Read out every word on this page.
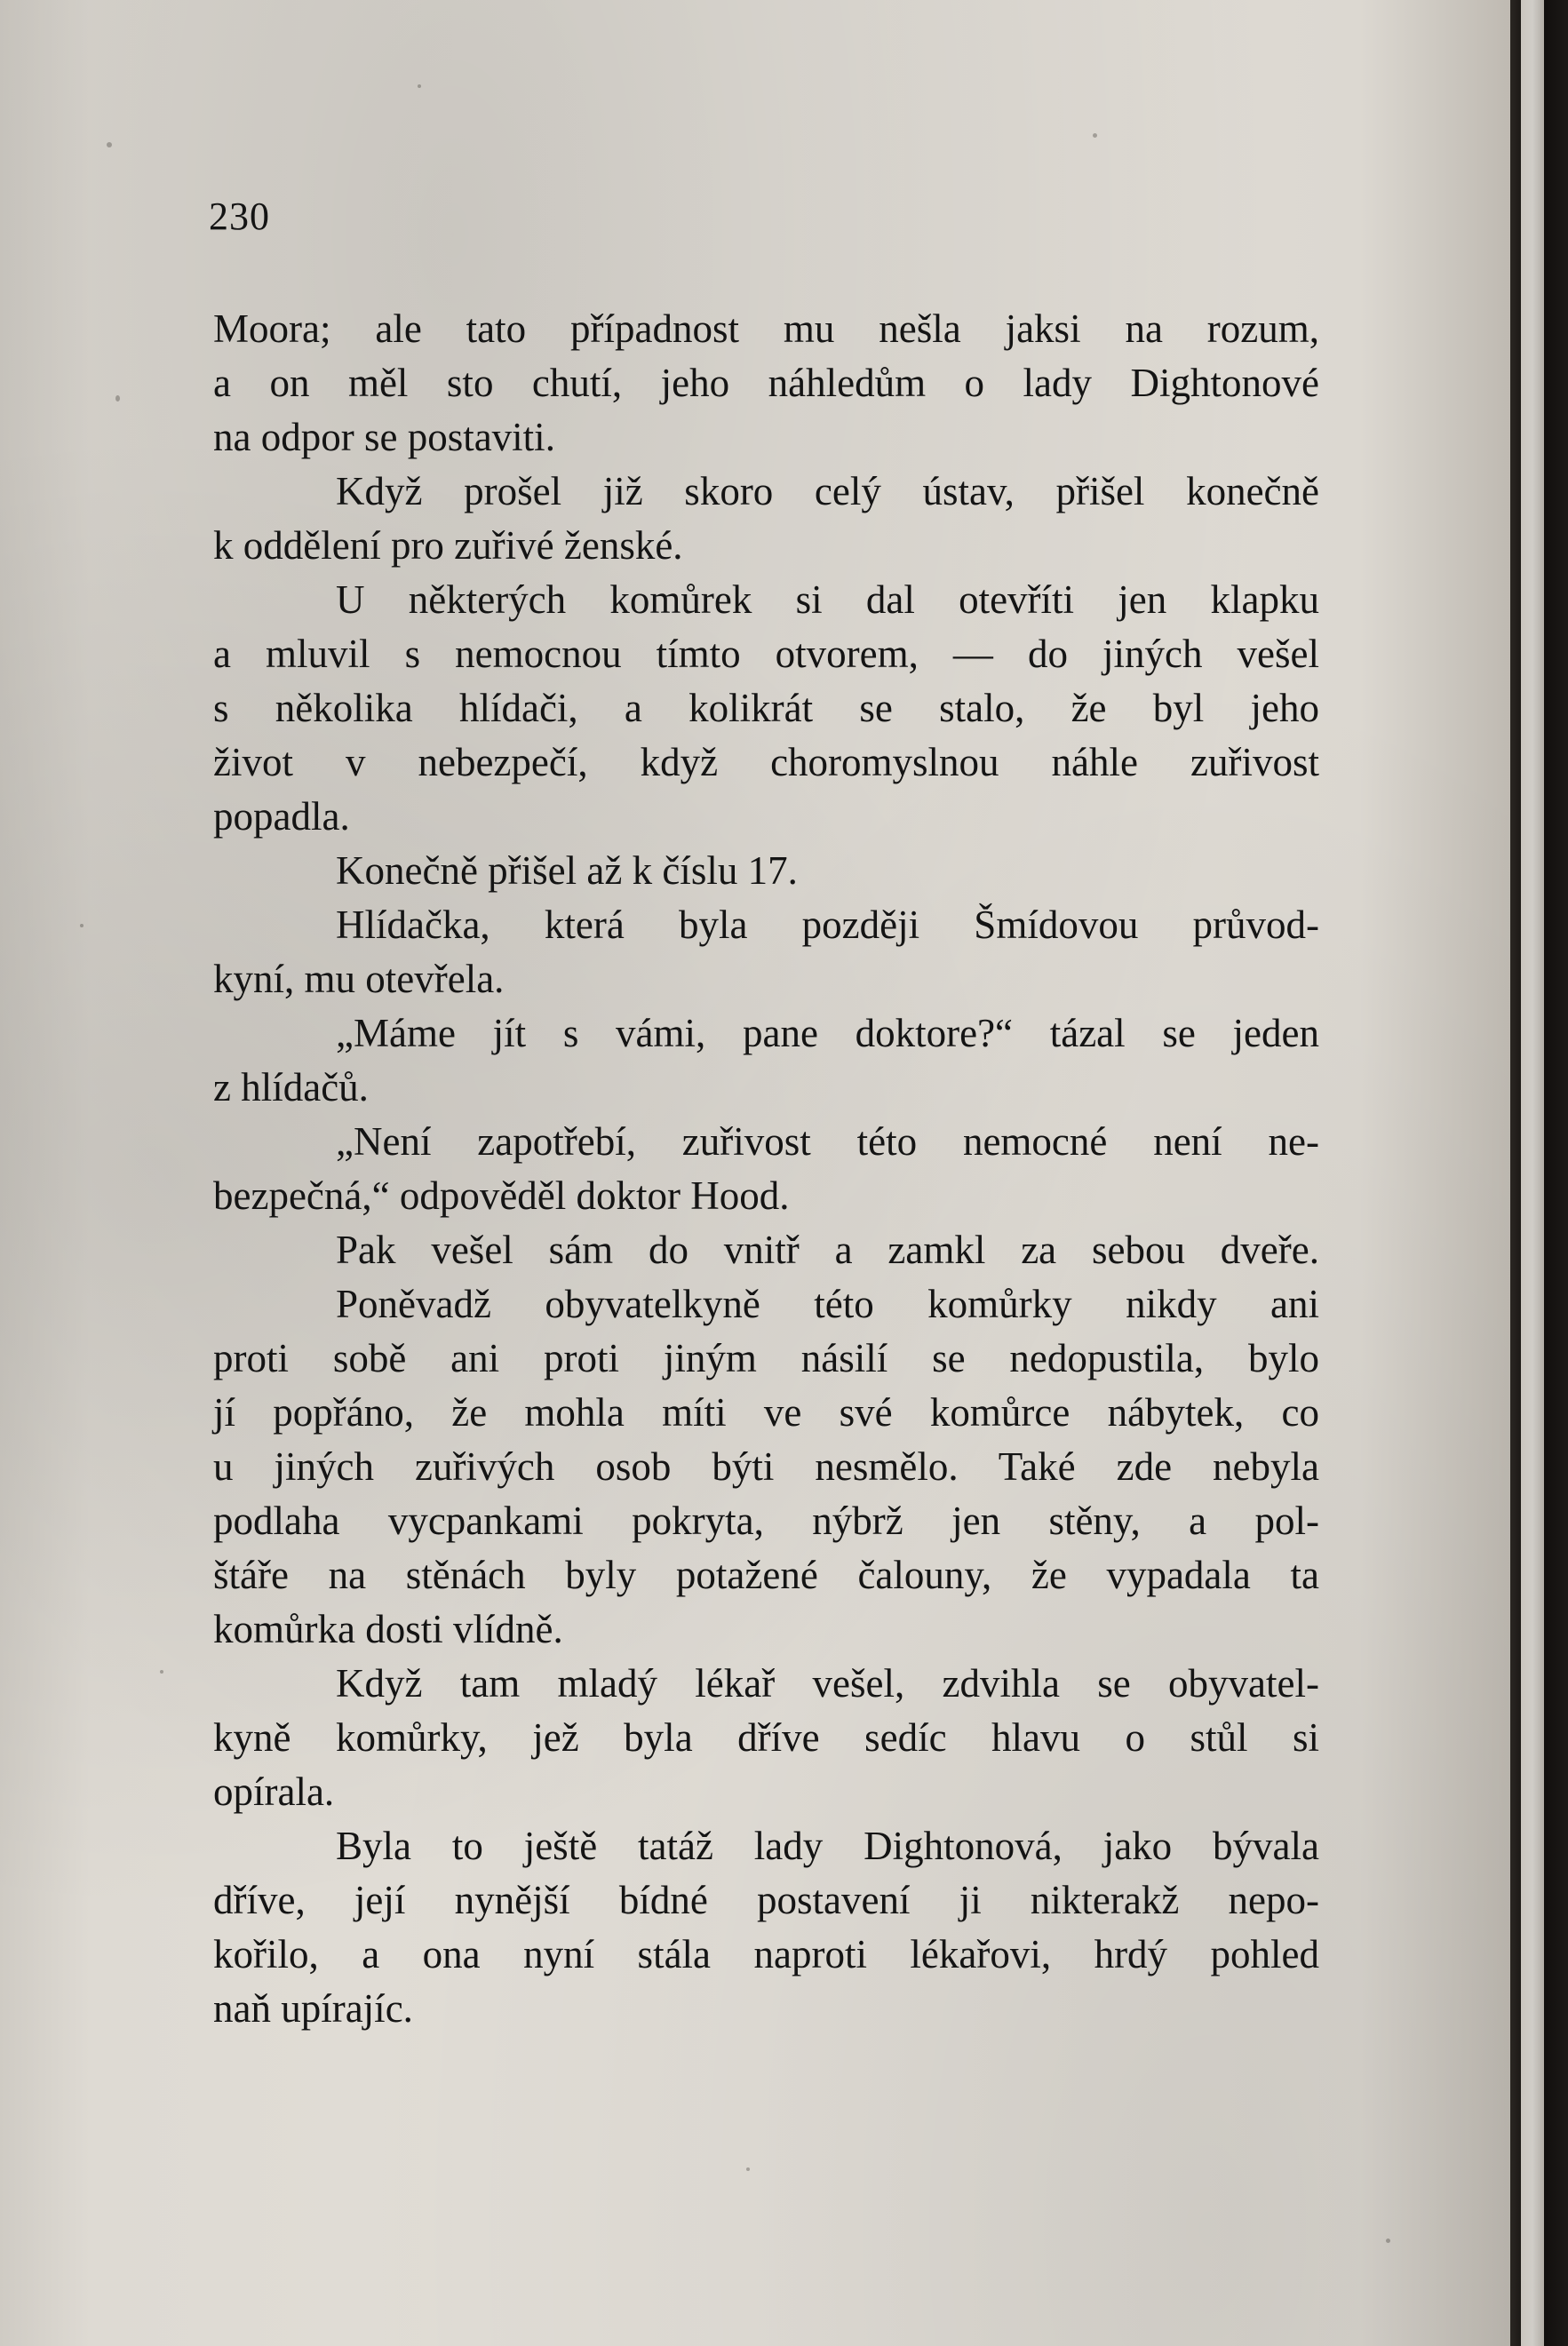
230
Moora; ale tato případnost mu nešla jaksi na rozum,
a on měl sto chutí, jeho náhledům o lady Dightonové
na odpor se postaviti.
Když prošel již skoro celý ústav, přišel konečně
k oddělení pro zuřivé ženské.
U některých komůrek si dal otevříti jen klapku
a mluvil s nemocnou tímto otvorem, — do jiných vešel
s několika hlídači, a kolikrát se stalo, že byl jeho
život v nebezpečí, když choromyslnou náhle zuřivost
popadla.
Konečně přišel až k číslu 17.
Hlídačka, která byla později Šmídovou průvod-
kyní, mu otevřela.
„Máme jít s vámi, pane doktore?“ tázal se jeden
z hlídačů.
„Není zapotřebí, zuřivost této nemocné není ne-
bezpečná,“ odpověděl doktor Hood.
Pak vešel sám do vnitř a zamkl za sebou dveře.
Poněvadž obyvatelkyně této komůrky nikdy ani
proti sobě ani proti jiným násilí se nedopustila, bylo
jí popřáno, že mohla míti ve své komůrce nábytek, co
u jiných zuřivých osob býti nesmělo. Také zde nebyla
podlaha vycpankami pokryta, nýbrž jen stěny, a pol-
štáře na stěnách byly potažené čalouny, že vypadala ta
komůrka dosti vlídně.
Když tam mladý lékař vešel, zdvihla se obyvatel-
kyně komůrky, jež byla dříve sedíc hlavu o stůl si
opírala.
Byla to ještě tatáž lady Dightonová, jako bývala
dříve, její nynější bídné postavení ji nikterakž nepo-
kořilo, a ona nyní stála naproti lékařovi, hrdý pohled
naň upírajíc.
